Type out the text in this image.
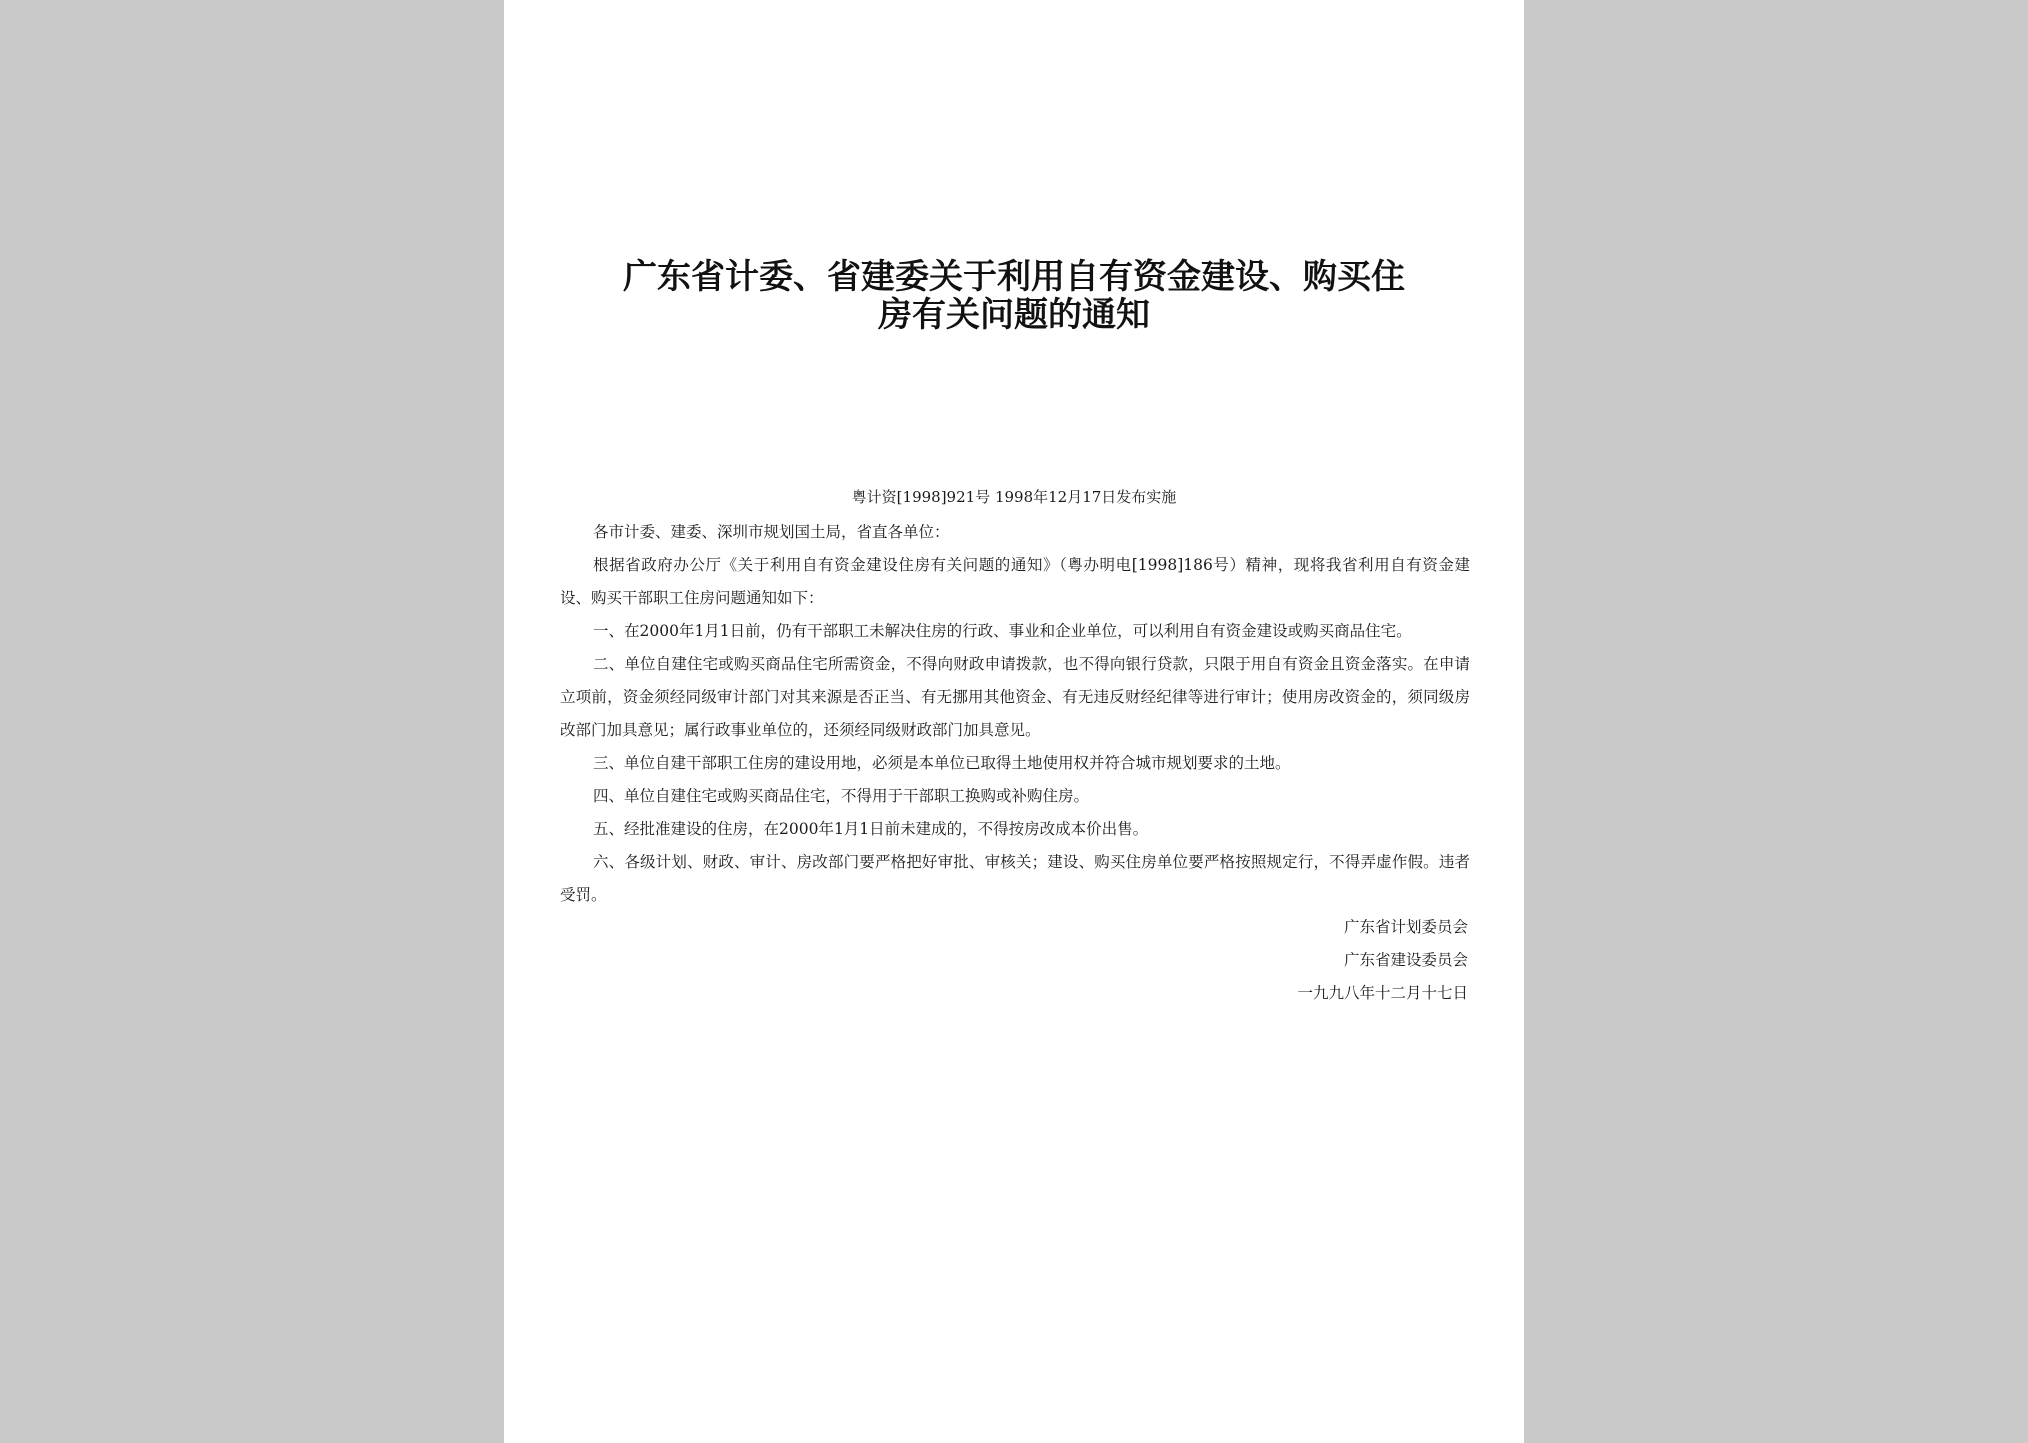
广东省计委、省建委关于利用自有资金建设、购买住
房有关问题的通知
粤计资[1998]921号 1998年12月17日发布实施

各市计委、建委、深圳市规划国土局，省直各单位：

根据省政府办公厅《关于利用自有资金建设住房有关问题的通知》（粤办明电[1998]186号）精神，现将我省利用自有资金建设、购买干部职工住房问题通知如下：

一、在2000年1月1日前，仍有干部职工未解决住房的行政、事业和企业单位，可以利用自有资金建设或购买商品住宅。

二、单位自建住宅或购买商品住宅所需资金，不得向财政申请拨款，也不得向银行贷款，只限于用自有资金且资金落实。在申请立项前，资金须经同级审计部门对其来源是否正当、有无挪用其他资金、有无违反财经纪律等进行审计；使用房改资金的，须同级房改部门加具意见；属行政事业单位的，还须经同级财政部门加具意见。

三、单位自建干部职工住房的建设用地，必须是本单位已取得土地使用权并符合城市规划要求的土地。

四、单位自建住宅或购买商品住宅，不得用于干部职工换购或补购住房。

五、经批准建设的住房，在2000年1月1日前未建成的，不得按房改成本价出售。

六、各级计划、财政、审计、房改部门要严格把好审批、审核关；建设、购买住房单位要严格按照规定行，不得弄虚作假。违者受罚。

广东省计划委员会
广东省建设委员会
一九九八年十二月十七日
